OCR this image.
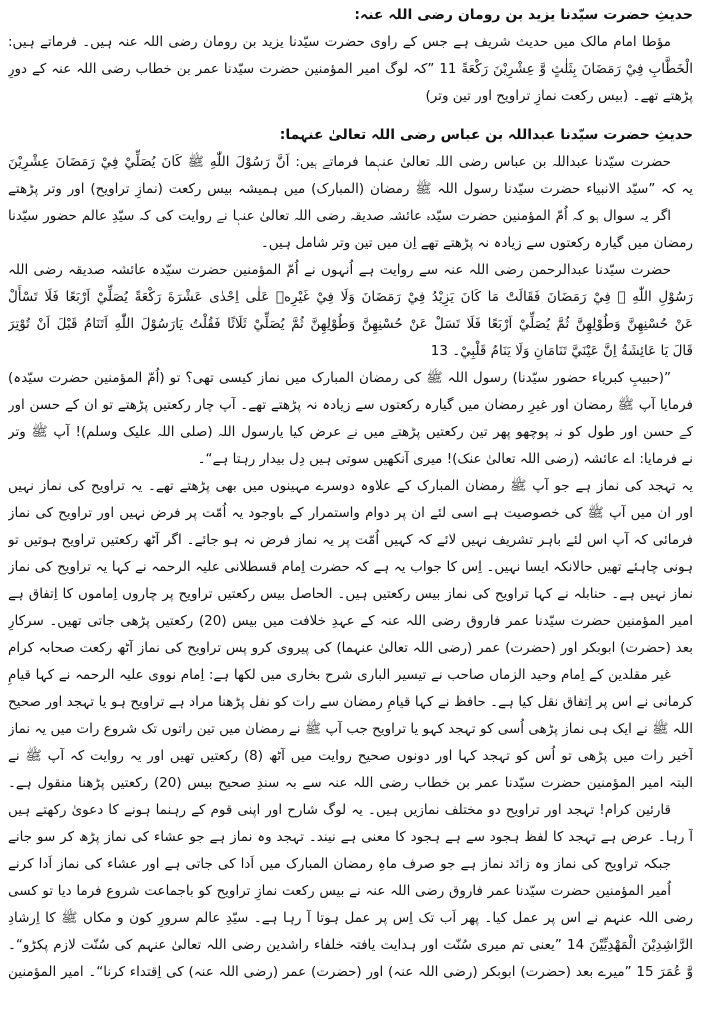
حدیثِ حضرت سیّدنا یزید بن رومان رضی اللہ عنہ:
مؤطا امام مالک میں حدیث شریف ہے جس کے راوی حضرت سیّدنا یزید بن رومان رضی اللہ عنہ ہیں۔ فرماتے ہیں:
الْخَطَّابِ فِيْ رَمَضَانَ بِثَلٰثٍ وَّ عِشْرِيْنَ رَكْعَةً 11 ”کہ لوگ امیر المؤمنین حضرت سیّدنا عمر بن خطاب رضی اللہ عنہ کے دورِ
پڑھتے تھے۔ (بیس رکعت نمازِ تراویح اور تین وتر)
حدیثِ حضرت سیّدنا عبداللہ بن عباس رضی اللہ تعالیٰ عنہما:
حضرت سیّدنا عبداللہ بن عباس رضی اللہ تعالیٰ عنہما فرماتے ہیں: اَنَّ رَسُوْلَ اللّٰهِ ﷺ كَانَ يُصَلِّيْ فِيْ رَمَضَانَ عِشْرِيْنَ
یہ کہ ”سیّد الانبیاء حضرت سیّدنا رسول اللہ ﷺ رمضان (المبارک) میں ہمیشہ بیس رکعت (نمازِ تراویح) اور وتر پڑھتے
اگر یہ سوال ہو کہ اُمّ المؤمنین حضرت سیّدہ عائشہ صدیقہ رضی اللہ تعالیٰ عنہا نے روایت کی کہ سیّدِ عالم حضور سیّدنا
رمضان میں گیارہ رکعتوں سے زیادہ نہ پڑھتے تھے اِن میں تین وتر شامل ہیں۔
حضرت سیّدنا عبدالرحمن رضی اللہ عنہ سے روایت ہے اُنہوں نے اُمّ المؤمنین حضرت سیّدہ عائشہ صدیقہ رضی اللہ
رَسُوْلِ اللّٰهِ ﷺ فِيْ رَمَضَانَ فَقَالَتْ مَا كَانَ يَزِيْدُ فِيْ رَمَضَانَ وَلَا فِيْ غَيْرِهٖ عَلٰى اِحْدٰى عَشْرَةَ رَكْعَةً يُصَلِّيْ اَرْبَعًا فَلَا تَسْأَلْ
عَنْ حُسْنِهِنَّ وَطُوْلِهِنَّ ثُمَّ يُصَلِّيْ اَرْبَعًا فَلَا تَسَلْ عَنْ حُسْنِهِنَّ وَطُوْلِهِنَّ ثُمَّ يُصَلِّيْ ثَلَاثًا فَقُلْتُ يَارَسُوْلَ اللّٰهِ اَتَنَامُ قَبْلَ اَنْ تُوْتِرَ
قَالَ يَا عَائِشَةُ اِنَّ عَيْنَيَّ تَنَامَانِ وَلَا يَنَامُ قَلْبِيْ۔ 13
”(حبیبِ کبریاء حضور سیّدنا) رسول اللہ ﷺ کی رمضان المبارک میں نماز کیسی تھی؟ تو (اُمّ المؤمنین حضرت سیّدہ)
فرمایا آپ ﷺ رمضان اور غیرِ رمضان میں گیارہ رکعتوں سے زیادہ نہ پڑھتے تھے۔ آپ چار رکعتیں پڑھتے تو ان کے حسن اور
کے حسن اور طول کو نہ پوچھو پھر تین رکعتیں پڑھتے میں نے عرض کیا یارسول اللہ (صلی اللہ علیک وسلم)! آپ ﷺ وتر
نے فرمایا: اے عائشہ (رضی اللہ تعالیٰ عنک)! میری آنکھیں سوتی ہیں دِل بیدار رہتا ہے“۔
یہ تہجد کی نماز ہے جو آپ ﷺ رمضان المبارک کے علاوہ دوسرے مہینوں میں بھی پڑھتے تھے۔ یہ تراویح کی نماز نہیں
اور ان میں آپ ﷺ کی خصوصیت ہے اسی لئے ان پر دوام واستمرار کے باوجود یہ اُمّت پر فرض نہیں اور تراویح کی نماز
فرمائی کہ آپ اس لئے باہر تشریف نہیں لائے کہ کہیں اُمّت پر یہ نماز فرض نہ ہو جائے۔ اگر آٹھ رکعتیں تراویح ہوتیں تو
ہونی چاہئے تھیں حالانکہ ایسا نہیں۔ اِس کا جواب یہ ہے کہ حضرت اِمام قسطلانی علیہ الرحمہ نے کہا یہ تراویح کی نماز
نماز نہیں ہے۔ حنابلہ نے کہا تراویح کی نماز بیس رکعتیں ہیں۔ الحاصل بیس رکعتیں تراویح پر چاروں اِماموں کا اِتفاق ہے
امیر المؤمنین حضرت سیّدنا عمر فاروق رضی اللہ عنہ کے عہدِ خلافت میں بیس (20) رکعتیں پڑھی جاتی تھیں۔ سرکارِ
بعد (حضرت) ابوبکر اور (حضرت) عمر (رضی اللہ تعالیٰ عنہما) کی پیروی کرو پس تراویح کی نماز آٹھ رکعت صحابہ کرام
غیر مقلدین کے اِمام وحید الزماں صاحب نے تیسیر الباری شرح بخاری میں لکھا ہے: اِمام نووی علیہ الرحمہ نے کہا قیامِ
کرمانی نے اس پر اِتفاق نقل کیا ہے۔ حافظ نے کہا قیامِ رمضان سے رات کو نفل پڑھنا مراد ہے تراویح ہو یا تہجد اور صحیح
اللہ ﷺ نے ایک ہی نماز پڑھی اُسی کو تہجد کہو یا تراویح جب آپ ﷺ نے رمضان میں تین راتوں تک شروع رات میں یہ نماز
آخیر رات میں پڑھی تو اُس کو تہجد کہا اور دونوں صحیح روایت میں آٹھ (8) رکعتیں تھیں اور یہ روایت کہ آپ ﷺ نے
البتہ امیر المؤمنین حضرت سیّدنا عمر بن خطاب رضی اللہ عنہ سے بہ سندِ صحیح بیس (20) رکعتیں پڑھنا منقول ہے۔
قارئین کرام! تہجد اور تراویح دو مختلف نمازیں ہیں۔ یہ لوگ شارح اور اپنی قوم کے رہنما ہونے کا دعویٰ رکھتے ہیں
آ رہا۔ عرض ہے تہجد کا لفظ ہجود سے ہے ہجود کا معنی ہے نیند۔ تہجد وہ نماز ہے جو عشاء کی نماز پڑھ کر سو جانے
جبکہ تراویح کی نماز وہ زائد نماز ہے جو صرف ماہِ رمضان المبارک میں اَدا کی جاتی ہے اور عشاء کی نماز اَدا کرنے
اُمیر المؤمنین حضرت سیّدنا عمر فاروق رضی اللہ عنہ نے بیس رکعت نمازِ تراویح کو باجماعت شروع فرما دیا تو کسی
رضی اللہ عنہم نے اس پر عمل کیا۔ پھر اَب تک اِس پر عمل ہوتا آ رہا ہے۔ سیّدِ عالم سرورِ کون و مکاں ﷺ کا اِرشادِ
الرَّاشِدِيْنَ الْمَهْدِيِّيْنَ 14 ”یعنی تم میری سُنّت اور ہدایت یافتہ خلفاء راشدین رضی اللہ تعالیٰ عنہم کی سُنّت لازم پکڑو“۔
وَّ عُمَرَ 15 ”میرے بعد (حضرت) ابوبکر (رضی اللہ عنہ) اور (حضرت) عمر (رضی اللہ عنہ) کی اِقتداء کرنا“۔ امیر المؤمنین
